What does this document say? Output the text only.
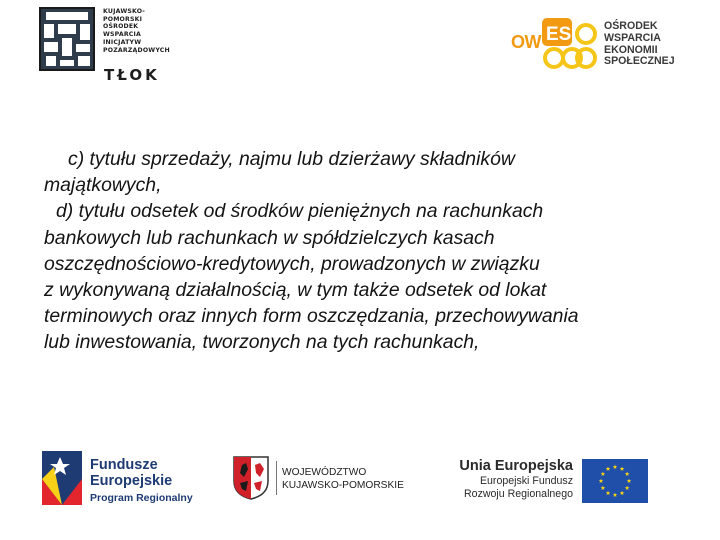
KUJAWSKO-
POMORSKI
OŚRODEK
WSPARCIA
INICJATYW
POZARZĄDOWYCH
TŁOK
OW ES	OŚRODEK
WSPARCIA
EKONOMII
SPOŁECZNEJ

c) tytułu sprzedaży, najmu lub dzierżawy składników

majątkowych,

d) tytułu odsetek od środków pieniężnych na rachunkach

bankowych lub rachunkach w spółdzielczych kasach

oszczędnościowo-kredytowych, prowadzonych w związku

z wykonywaną działalnością, w tym także odsetek od lokat

terminowych oraz innych form oszczędzania, przechowywania

lub inwestowania, tworzonych na tych rachunkach,

Fundusze
Europejskie
Program Regionalny
WOJEWÓDZTWO
KUJAWSKO-POMORSKIE
Unia Europejska
Europejski Fundusz
Rozwoju Regionalnego
